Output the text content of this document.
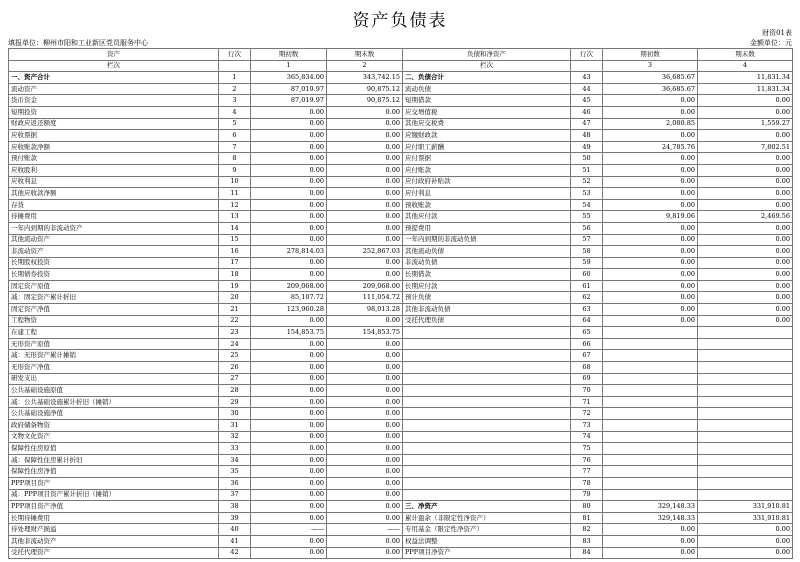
资产负债表
财资01表
填报单位：柳州市阳和工业新区党员服务中心	金额单位：元
资产	行次	期初数	期末数	负债和净资产	行次	期初数	期末数
栏次		1	2	栏次		3	4
一、资产合计	1	365,834.00	343,742.15	二、负债合计	43	36,685.67	11,831.34
流动资产	2	87,019.97	90,875.12	流动负债	44	36,685.67	11,831.34
货币资金	3	87,019.97	90,875.12	短期借款	45	0.00	0.00
短期投资	4	0.00	0.00	应交增值税	46	0.00	0.00
财政应返还额度	5	0.00	0.00	其他应交税费	47	2,080.85	1,559.27
应收票据	6	0.00	0.00	应缴财政款	48	0.00	0.00
应收账款净额	7	0.00	0.00	应付职工薪酬	49	24,785.76	7,802.51
预付账款	8	0.00	0.00	应付票据	50	0.00	0.00
应收股利	9	0.00	0.00	应付账款	51	0.00	0.00
应收利息	10	0.00	0.00	应付政府补贴款	52	0.00	0.00
其他应收款净额	11	0.00	0.00	应付利息	53	0.00	0.00
存货	12	0.00	0.00	预收账款	54	0.00	0.00
待摊费用	13	0.00	0.00	其他应付款	55	9,819.06	2,469.56
一年内到期的非流动资产	14	0.00	0.00	预提费用	56	0.00	0.00
其他流动资产	15	0.00	0.00	一年内到期的非流动负债	57	0.00	0.00
非流动资产	16	278,814.03	252,867.03	其他流动负债	58	0.00	0.00
长期股权投资	17	0.00	0.00	非流动负债	59	0.00	0.00
长期债券投资	18	0.00	0.00	长期借款	60	0.00	0.00
固定资产原值	19	209,068.00	209,068.00	长期应付款	61	0.00	0.00
减：固定资产累计折旧	20	85,107.72	111,054.72	预计负债	62	0.00	0.00
固定资产净值	21	123,960.28	98,013.28	其他非流动负债	63	0.00	0.00
工程物资	22	0.00	0.00	受托代理负债	64	0.00	0.00
在建工程	23	154,853.75	154,853.75		65		
无形资产原值	24	0.00	0.00		66		
减：无形资产累计摊销	25	0.00	0.00		67		
无形资产净值	26	0.00	0.00		68		
研发支出	27	0.00	0.00		69		
公共基础设施原值	28	0.00	0.00		70		
减：公共基础设施累计折旧（摊销）	29	0.00	0.00		71		
公共基础设施净值	30	0.00	0.00		72		
政府储备物资	31	0.00	0.00		73		
文物文化资产	32	0.00	0.00		74		
保障性住房原值	33	0.00	0.00		75		
减：保障性住房累计折旧	34	0.00	0.00		76		
保障性住房净值	35	0.00	0.00		77		
PPP项目资产	36	0.00	0.00		78		
减：PPP项目资产累计折旧（摊销）	37	0.00	0.00		79		
PPP项目资产净值	38	0.00	0.00	三、净资产	80	329,148.33	331,910.81
长期待摊费用	39	0.00	0.00	累计盈余（非限定性净资产）	81	329,148.33	331,910.81
待处理财产损溢	40	——	——	专用基金（限定性净资产）	82	0.00	0.00
其他非流动资产	41	0.00	0.00	权益法调整	83	0.00	0.00
受托代理资产	42	0.00	0.00	PPP项目净资产	84	0.00	0.00
